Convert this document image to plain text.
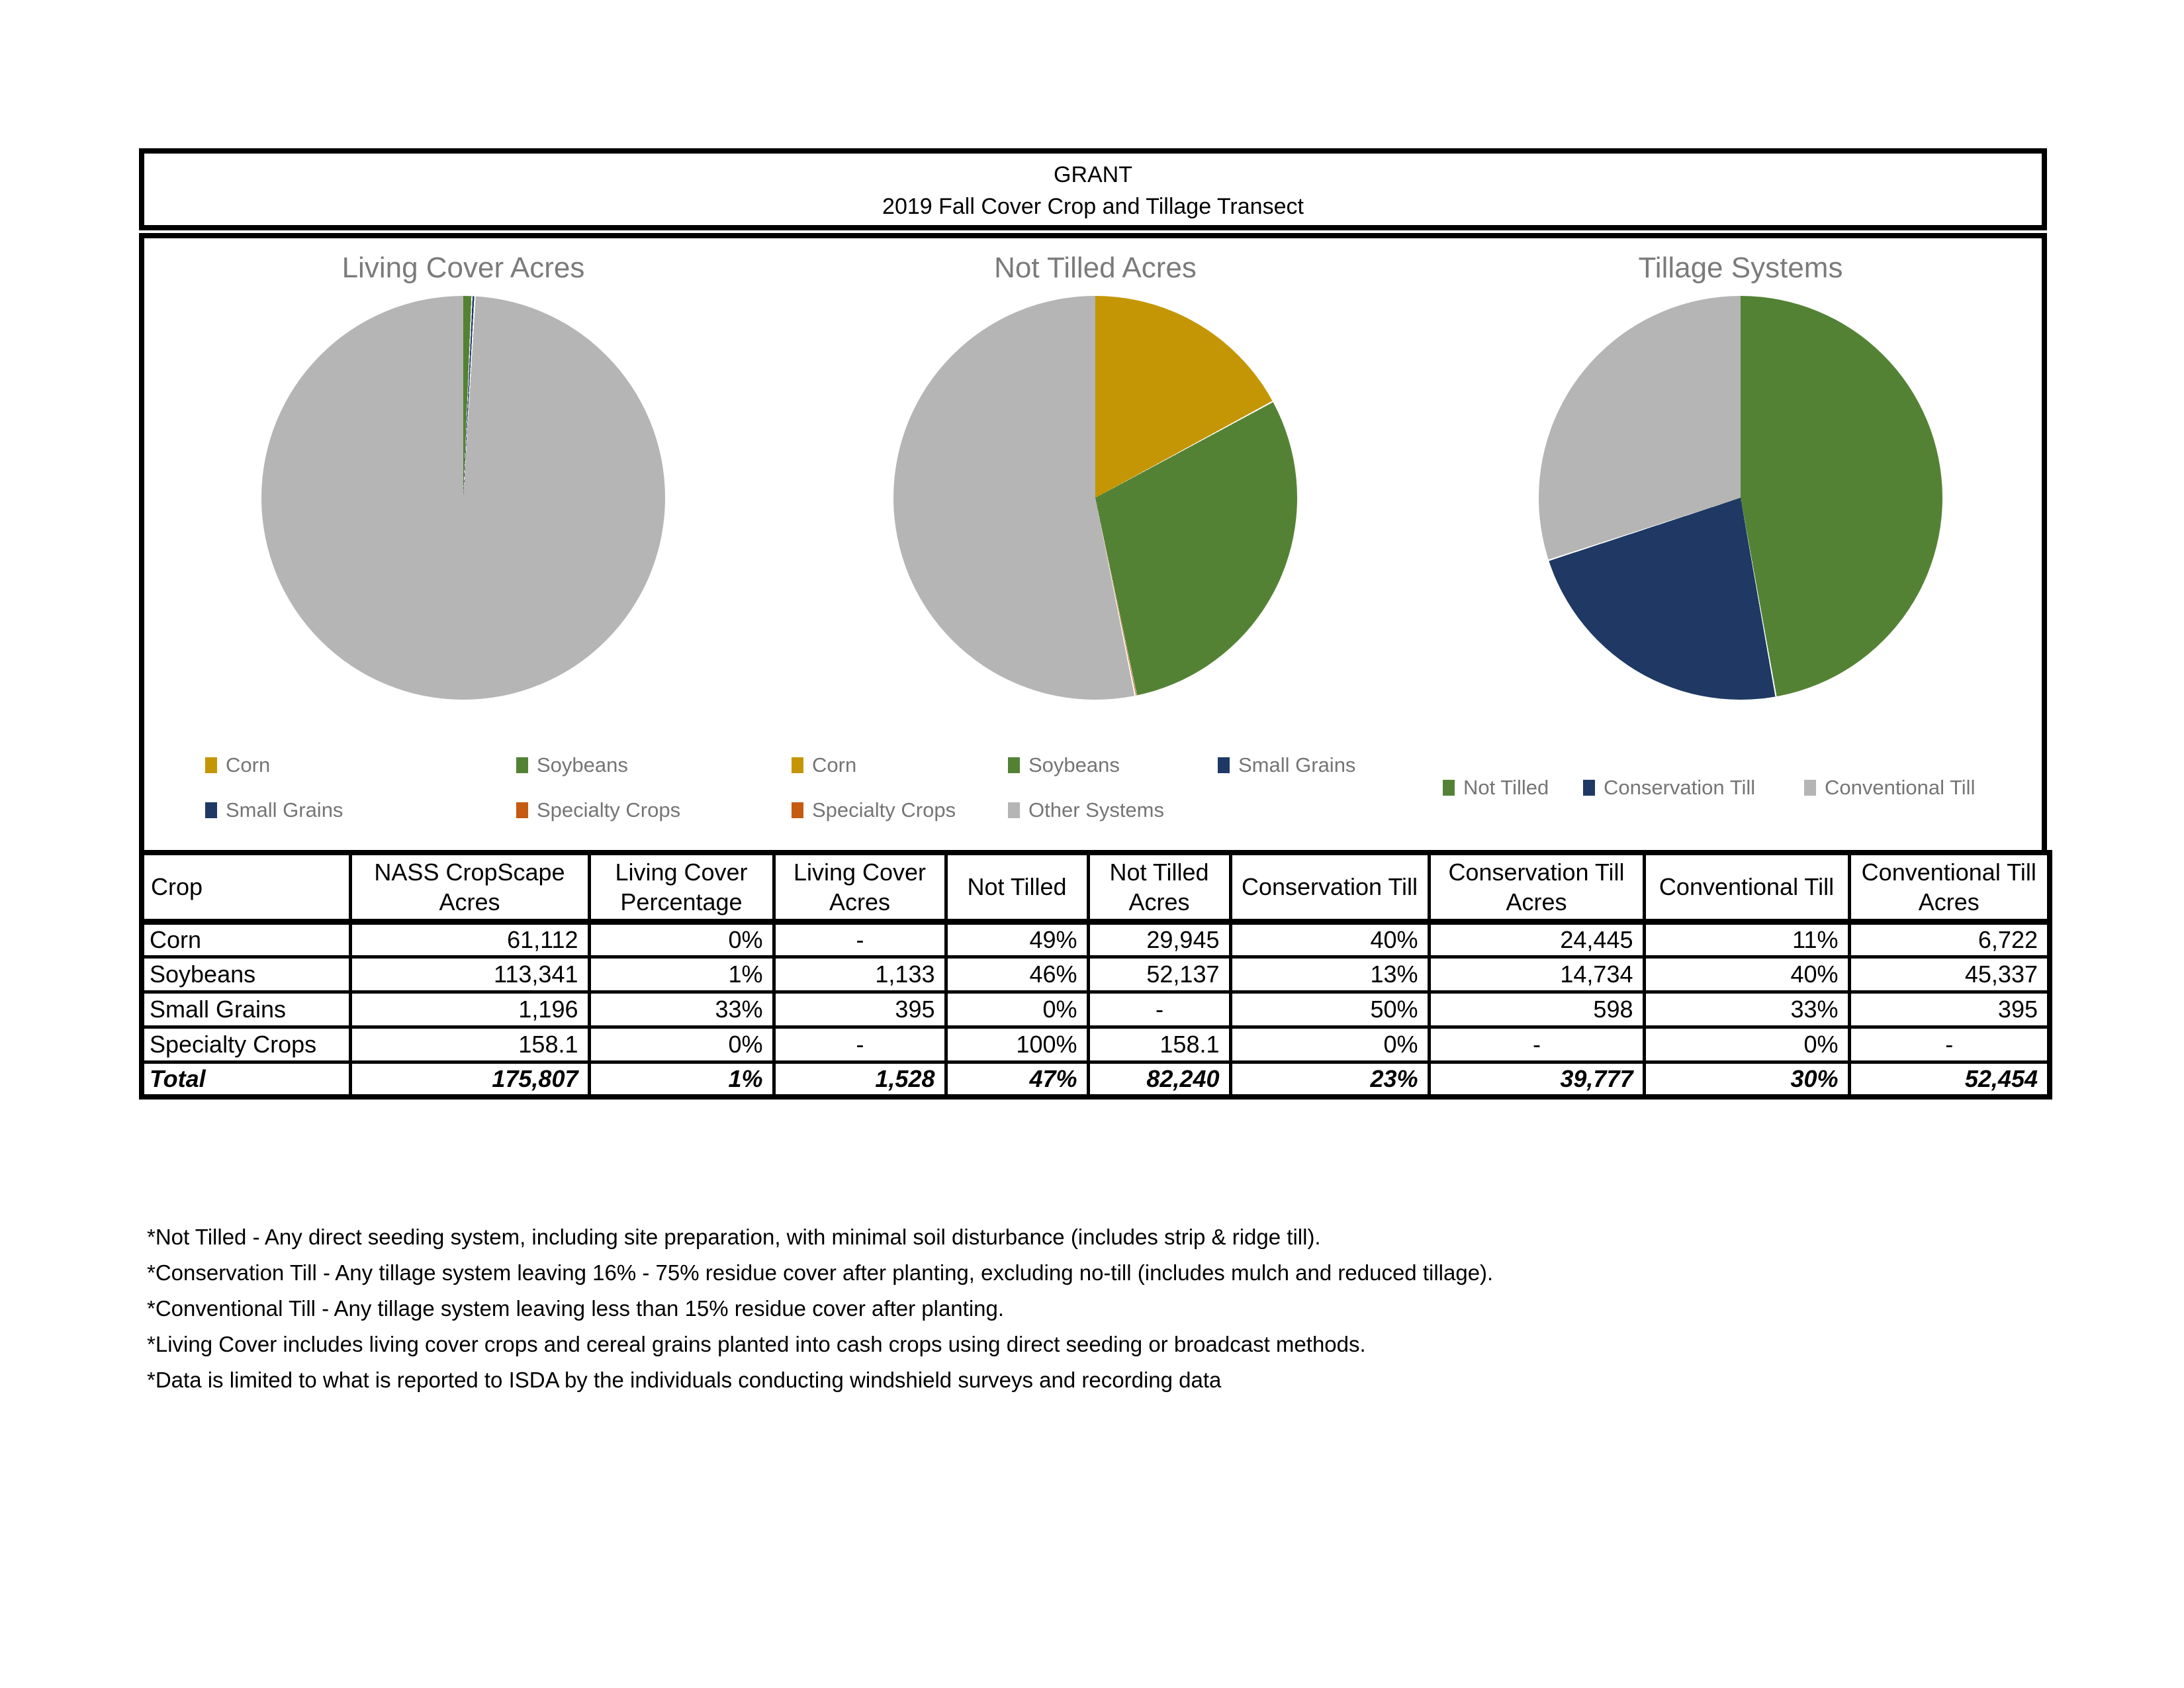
GRANT
2019 Fall Cover Crop and Tillage Transect
Living Cover Acres
Corn	Soybeans
Small Grains	Specialty Crops
Not Tilled Acres
Corn	Soybeans	Small Grains
Specialty Crops	Other Systems
Tillage Systems
Not Tilled	Conservation Till	Conventional Till
Crop	NASS CropScape Acres	Living Cover Percentage	Living Cover Acres	Not Tilled	Not Tilled Acres	Conservation Till	Conservation Till Acres	Conventional Till	Conventional Till Acres
Corn	61,112	0%	-	49%	29,945	40%	24,445	11%	6,722
Soybeans	113,341	1%	1,133	46%	52,137	13%	14,734	40%	45,337
Small Grains	1,196	33%	395	0%	-	50%	598	33%	395
Specialty Crops	158.1	0%	-	100%	158.1	0%	-	0%	-
Total	175,807	1%	1,528	47%	82,240	23%	39,777	30%	52,454
*Not Tilled - Any direct seeding system, including site preparation, with minimal soil disturbance (includes strip & ridge till).
*Conservation Till - Any tillage system leaving 16% - 75% residue cover after planting, excluding no-till (includes mulch and reduced tillage).
*Conventional Till - Any tillage system leaving less than 15% residue cover after planting.
*Living Cover includes living cover crops and cereal grains planted into cash crops using direct seeding or broadcast methods.
*Data is limited to what is reported to ISDA by the individuals conducting windshield surveys and recording data
